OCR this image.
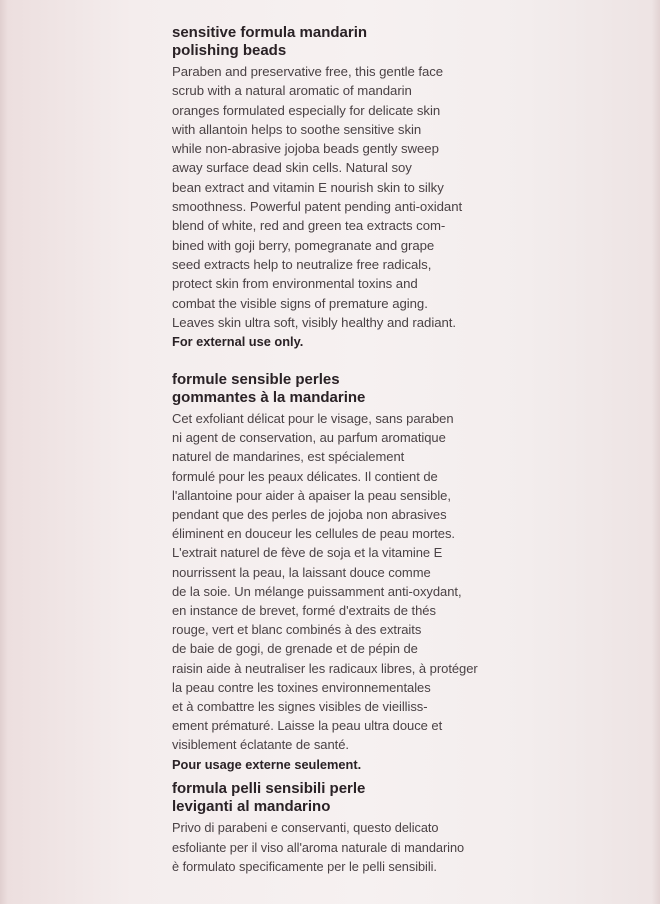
sensitive formula mandarin
polishing beads

Paraben and preservative free, this gentle face
scrub with a natural aromatic of mandarin
oranges formulated especially for delicate skin
with allantoin helps to soothe sensitive skin
while non-abrasive jojoba beads gently sweep
away surface dead skin cells. Natural soy
bean extract and vitamin E nourish skin to silky
smoothness. Powerful patent pending anti-oxidant
blend of white, red and green tea extracts com-
bined with goji berry, pomegranate and grape
seed extracts help to neutralize free radicals,
protect skin from environmental toxins and
combat the visible signs of premature aging.
Leaves skin ultra soft, visibly healthy and radiant.

For external use only.

formule sensible perles
gommantes à la mandarine

Cet exfoliant délicat pour le visage, sans paraben
ni agent de conservation, au parfum aromatique
naturel de mandarines, est spécialement
formulé pour les peaux délicates. Il contient de
l'allantoine pour aider à apaiser la peau sensible,
pendant que des perles de jojoba non abrasives
éliminent en douceur les cellules de peau mortes.
L'extrait naturel de fève de soja et la vitamine E
nourrissent la peau, la laissant douce comme
de la soie. Un mélange puissamment anti-oxydant,
en instance de brevet, formé d'extraits de thés
rouge, vert et blanc combinés à des extraits
de baie de gogi, de grenade et de pépin de
raisin aide à neutraliser les radicaux libres, à protéger
la peau contre les toxines environnementales
et à combattre les signes visibles de vieilliss-
ement prématuré. Laisse la peau ultra douce et
visiblement éclatante de santé.

Pour usage externe seulement.

formula pelli sensibili perle
leviganti al mandarino

Privo di parabeni e conservanti, questo delicato
esfoliante per il viso all'aroma naturale di mandarino
è formulato specificamente per le pelli sensibili.
